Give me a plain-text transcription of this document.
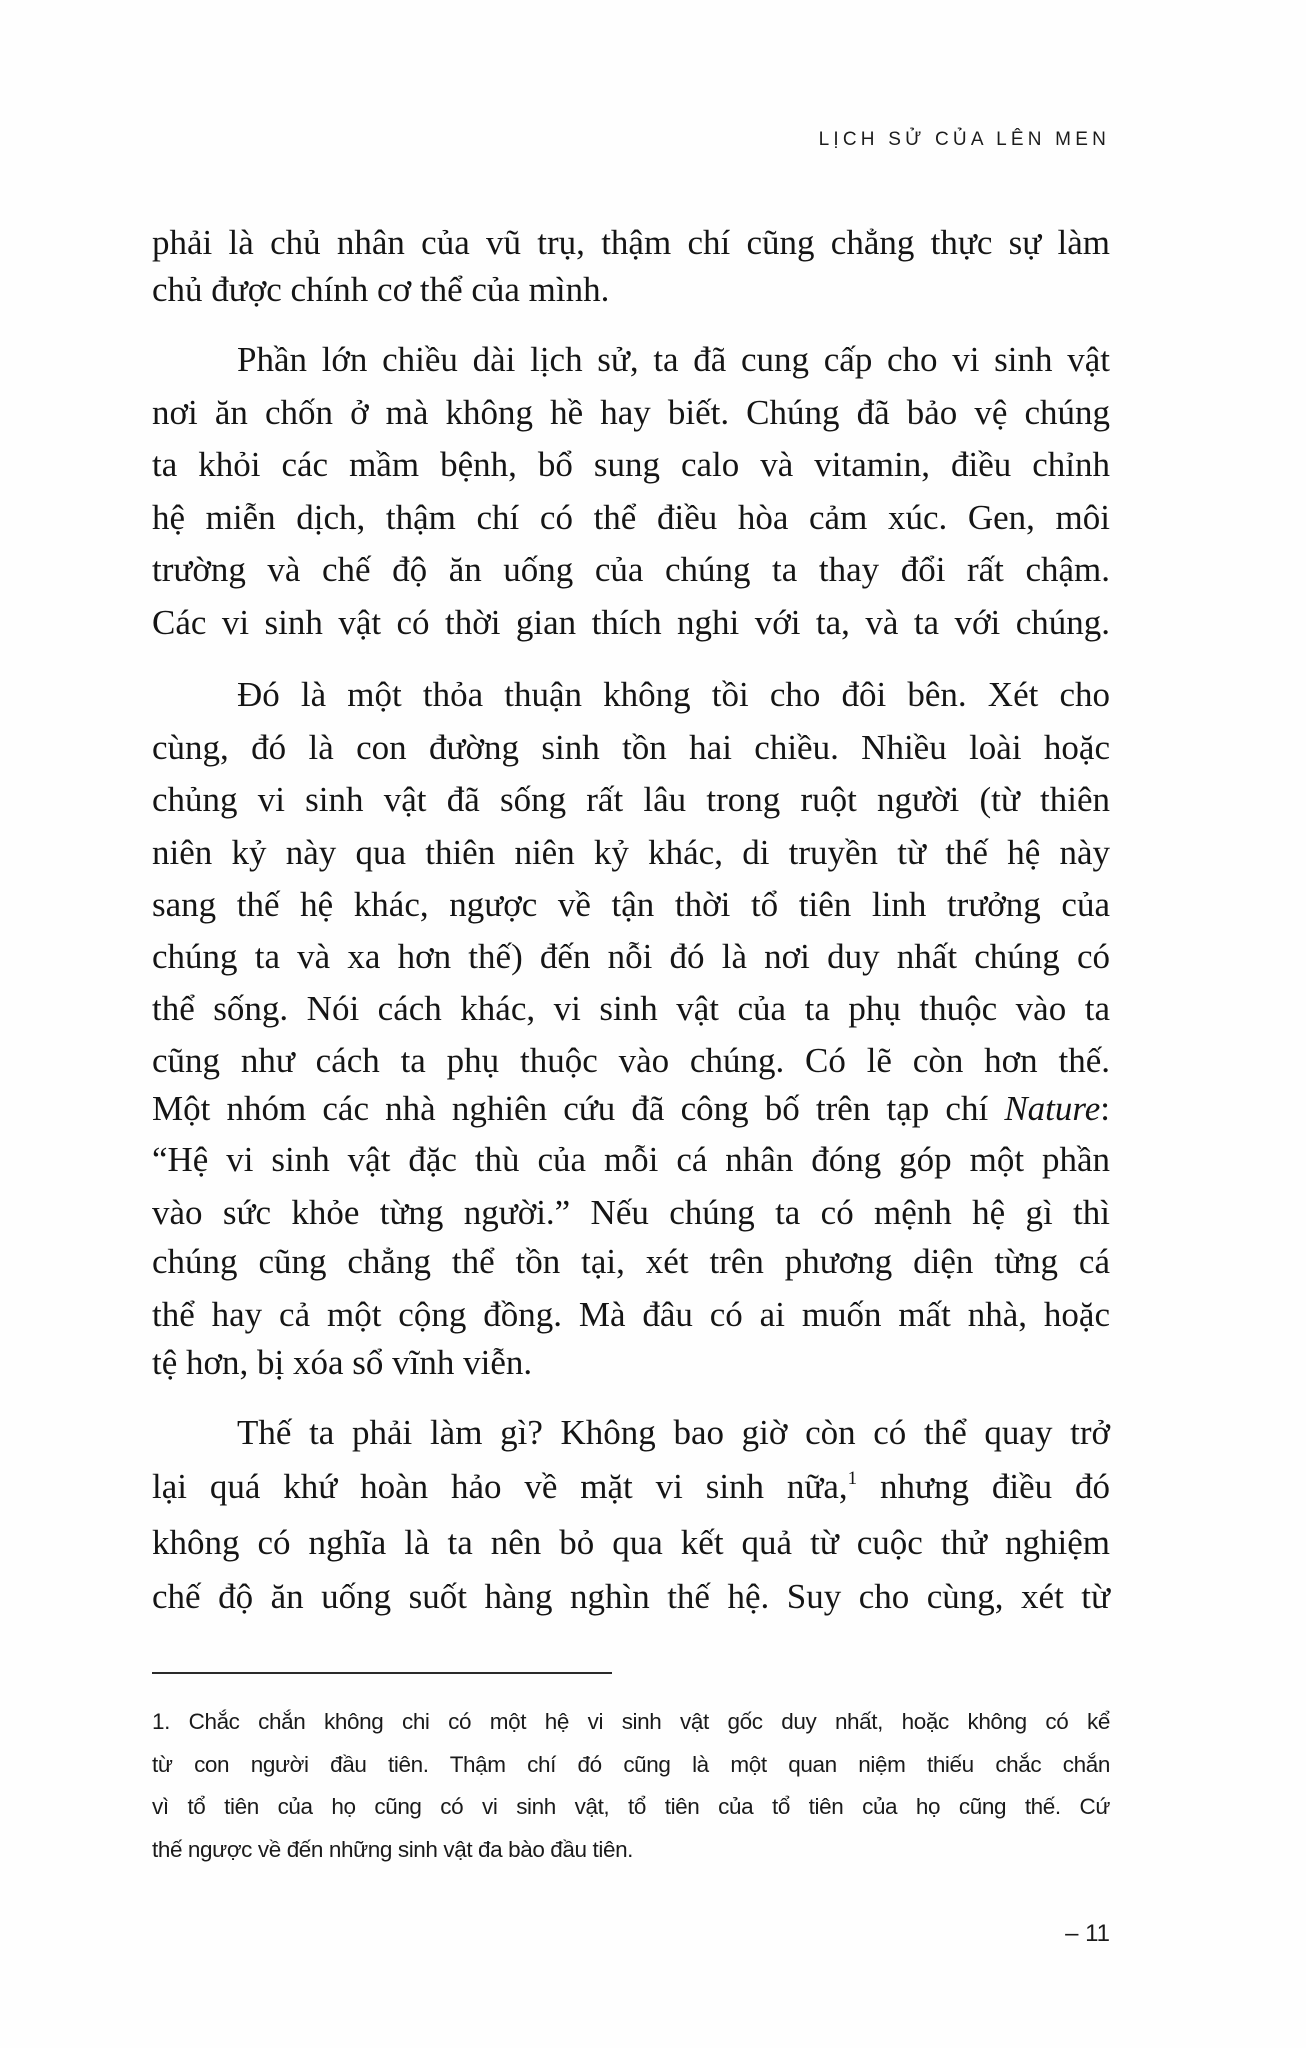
LỊCH SỬ CỦA LÊN MEN
phải là chủ nhân của vũ trụ, thậm chí cũng chẳng thực sự làm
chủ được chính cơ thể của mình.
Phần lớn chiều dài lịch sử, ta đã cung cấp cho vi sinh vật
nơi ăn chốn ở mà không hề hay biết. Chúng đã bảo vệ chúng
ta khỏi các mầm bệnh, bổ sung calo và vitamin, điều chỉnh
hệ miễn dịch, thậm chí có thể điều hòa cảm xúc. Gen, môi
trường và chế độ ăn uống của chúng ta thay đổi rất chậm.
Các vi sinh vật có thời gian thích nghi với ta, và ta với chúng.
Đó là một thỏa thuận không tồi cho đôi bên. Xét cho
cùng, đó là con đường sinh tồn hai chiều. Nhiều loài hoặc
chủng vi sinh vật đã sống rất lâu trong ruột người (từ thiên
niên kỷ này qua thiên niên kỷ khác, di truyền từ thế hệ này
sang thế hệ khác, ngược về tận thời tổ tiên linh trưởng của
chúng ta và xa hơn thế) đến nỗi đó là nơi duy nhất chúng có
thể sống. Nói cách khác, vi sinh vật của ta phụ thuộc vào ta
cũng như cách ta phụ thuộc vào chúng. Có lẽ còn hơn thế.
Một nhóm các nhà nghiên cứu đã công bố trên tạp chí Nature:
“Hệ vi sinh vật đặc thù của mỗi cá nhân đóng góp một phần
vào sức khỏe từng người.” Nếu chúng ta có mệnh hệ gì thì
chúng cũng chẳng thể tồn tại, xét trên phương diện từng cá
thể hay cả một cộng đồng. Mà đâu có ai muốn mất nhà, hoặc
tệ hơn, bị xóa sổ vĩnh viễn.
Thế ta phải làm gì? Không bao giờ còn có thể quay trở
lại quá khứ hoàn hảo về mặt vi sinh nữa,$^1$ nhưng điều đó
không có nghĩa là ta nên bỏ qua kết quả từ cuộc thử nghiệm
chế độ ăn uống suốt hàng nghìn thế hệ. Suy cho cùng, xét từ
1. Chắc chắn không chi có một hệ vi sinh vật gốc duy nhất, hoặc không có kể
từ con người đầu tiên. Thậm chí đó cũng là một quan niệm thiếu chắc chắn
vì tổ tiên của họ cũng có vi sinh vật, tổ tiên của tổ tiên của họ cũng thế. Cứ
thế ngược về đến những sinh vật đa bào đầu tiên.
– 11
